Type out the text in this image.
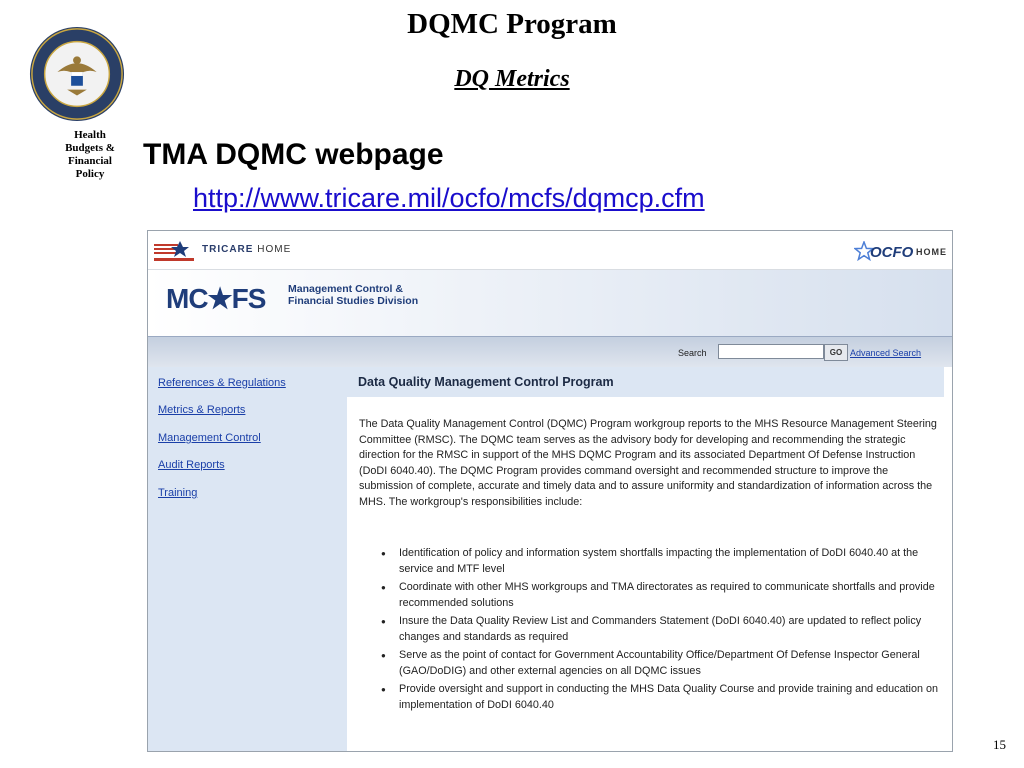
Health
Budgets &
Financial
Policy
DQMC Program
DQ Metrics
TMA DQMC webpage
http://www.tricare.mil/ocfo/mcfs/dqmcp.cfm
15
TRICARE HOME	OCFO HOME
MC★FS Management Control &
Financial Studies Division
Search	GO Advanced Search
References & Regulations
Metrics & Reports
Management Control
Audit Reports
Training
Data Quality Management Control Program
The Data Quality Management Control (DQMC) Program workgroup reports to the MHS Resource Management Steering Committee (RMSC). The DQMC team serves as the advisory body for developing and recommending the strategic direction for the RMSC in support of the MHS DQMC Program and its associated Department Of Defense Instruction (DoDI 6040.40). The DQMC Program provides command oversight and recommended structure to improve the submission of complete, accurate and timely data and to assure uniformity and standardization of information across the MHS. The workgroup's responsibilities include:
● Identification of policy and information system shortfalls impacting the implementation of DoDI 6040.40 at the service and MTF level
● Coordinate with other MHS workgroups and TMA directorates as required to communicate shortfalls and provide recommended solutions
● Insure the Data Quality Review List and Commanders Statement (DoDI 6040.40) are updated to reflect policy changes and standards as required
● Serve as the point of contact for Government Accountability Office/Department Of Defense Inspector General (GAO/DoDIG) and other external agencies on all DQMC issues
● Provide oversight and support in conducting the MHS Data Quality Course and provide training and education on implementation of DoDI 6040.40
